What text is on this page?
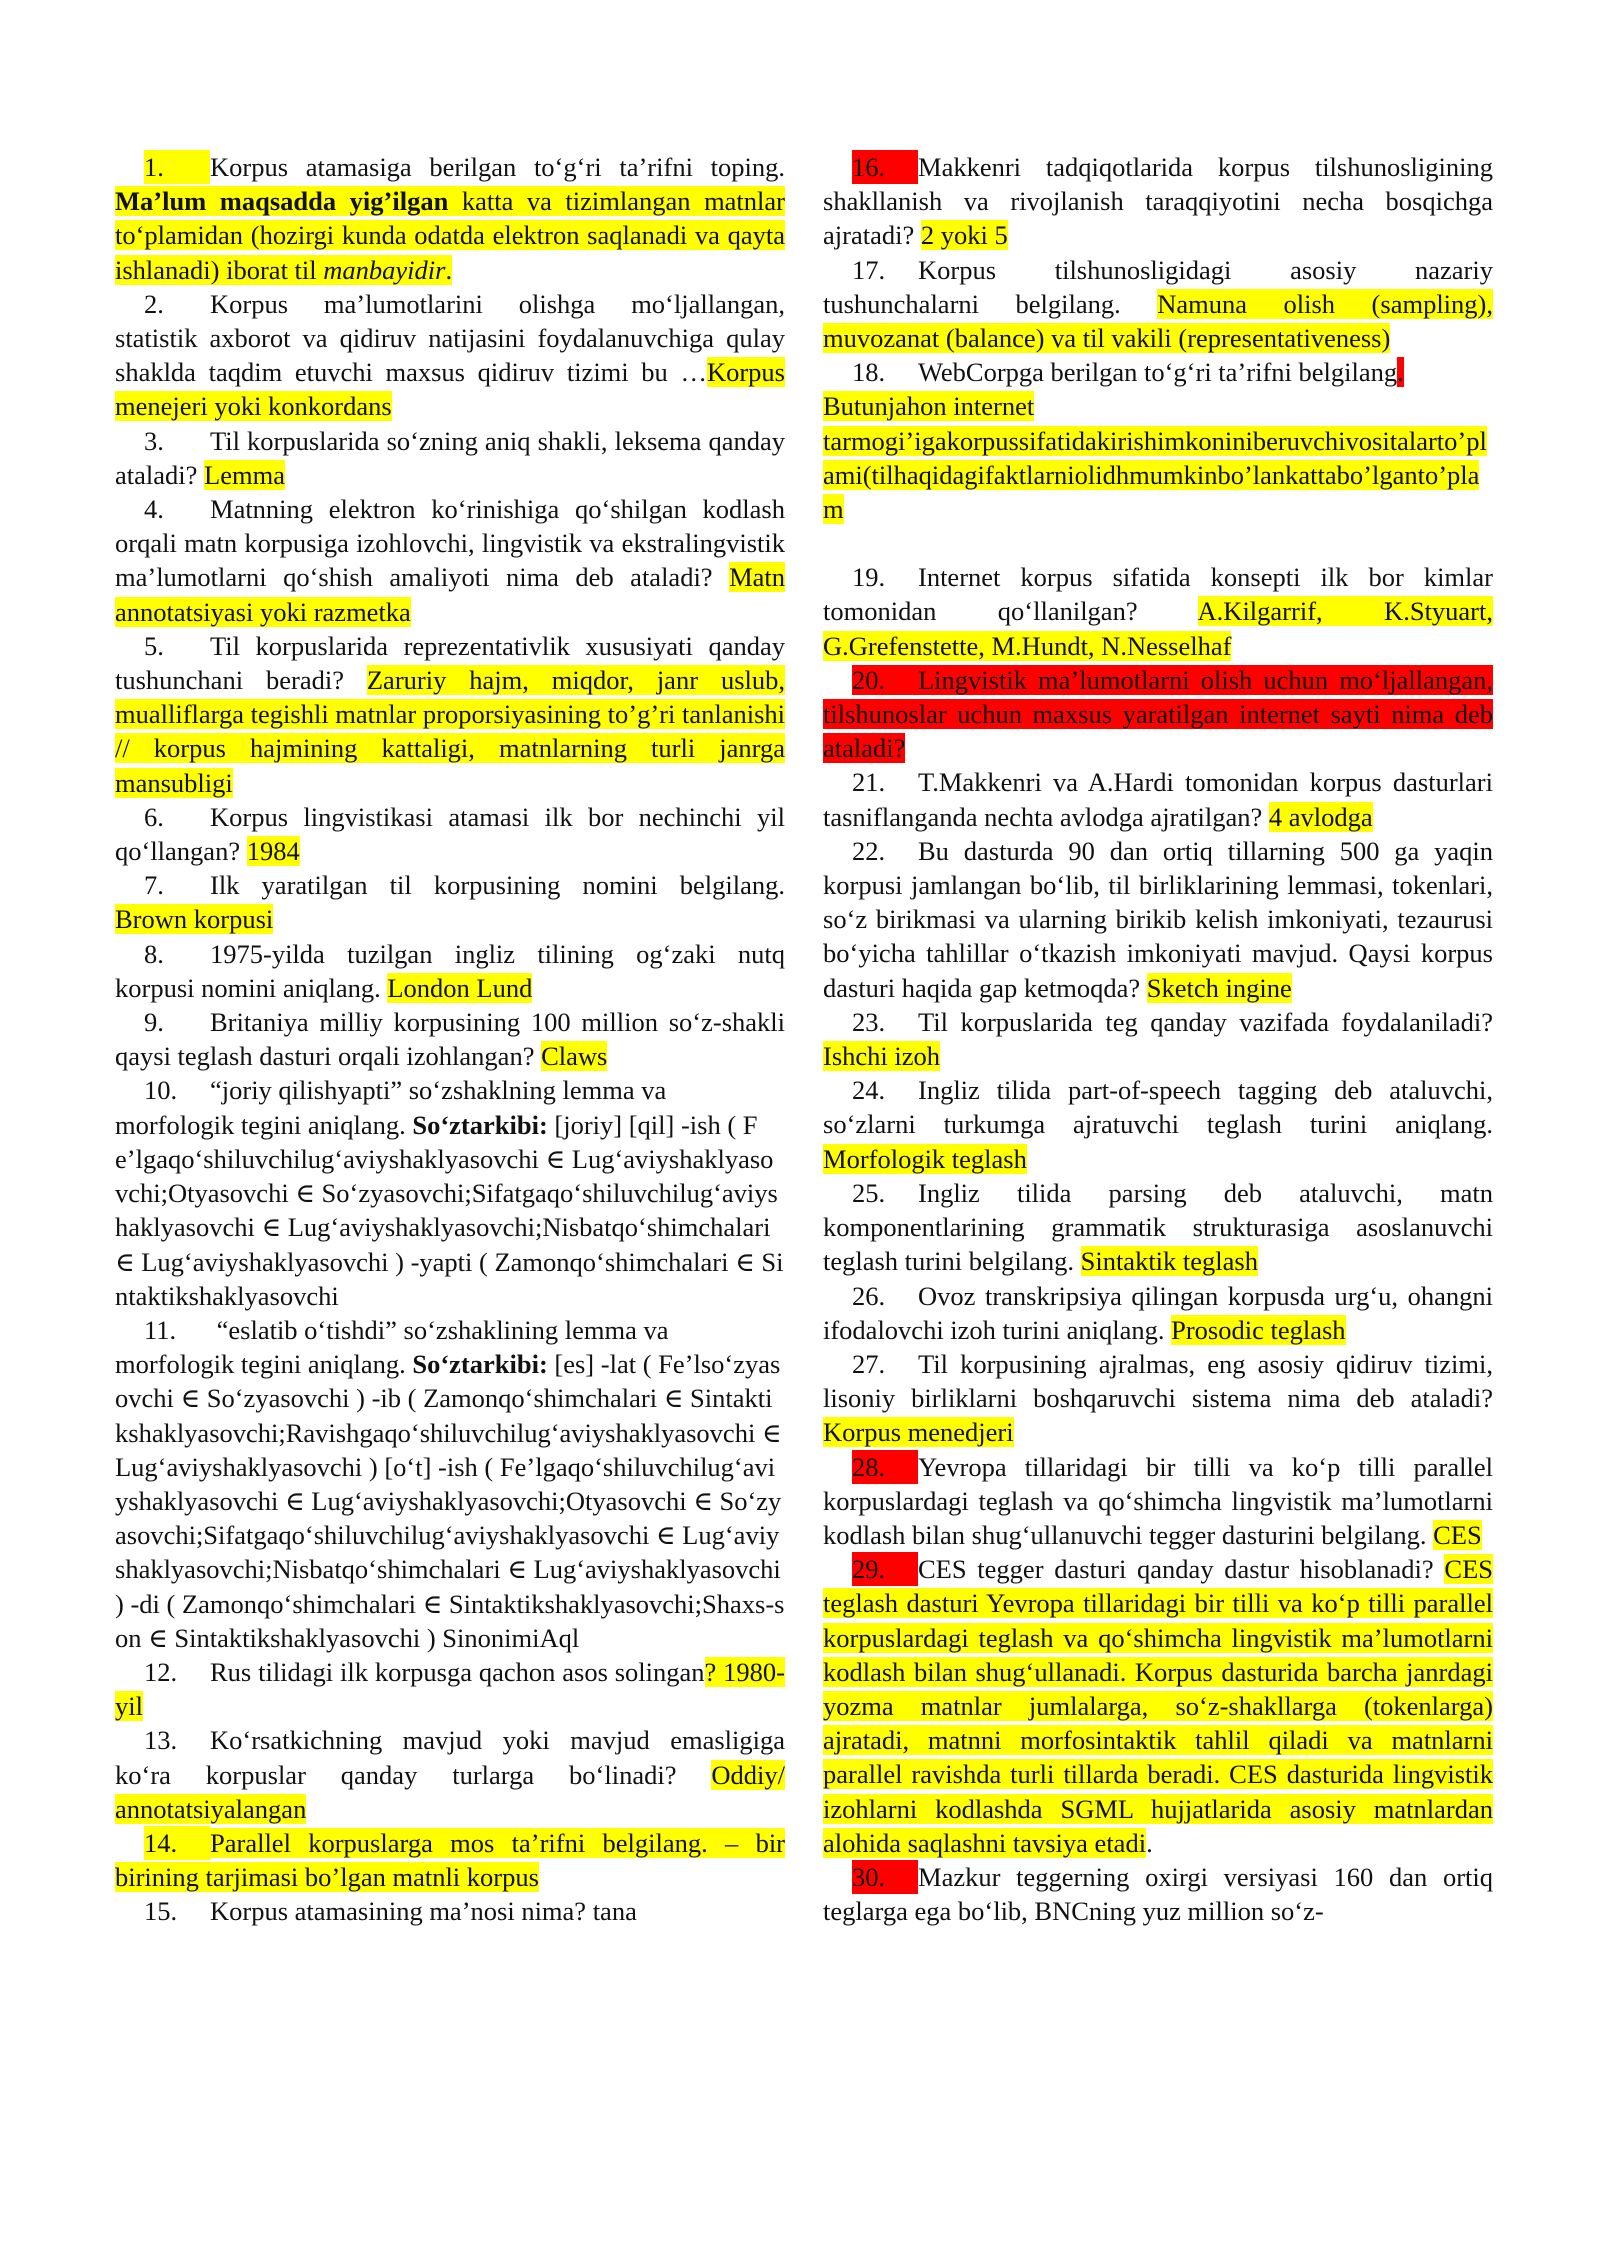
1. Korpus atamasiga berilgan to‘g‘ri ta’rifni toping. Ma’lum maqsadda yig’ilgan katta va tizimlangan matnlar to‘plamidan (hozirgi kunda odatda elektron saqlanadi va qayta ishlanadi) iborat til manbayidir.

2. Korpus ma’lumotlarini olishga mo‘ljallangan, statistik axborot va qidiruv natijasini foydalanuvchiga qulay shaklda taqdim etuvchi maxsus qidiruv tizimi bu …Korpus menejeri yoki konkordans

3. Til korpuslarida so‘zning aniq shakli, leksema qanday ataladi? Lemma

4. Matnning elektron ko‘rinishiga qo‘shilgan kodlash orqali matn korpusiga izohlovchi, lingvistik va ekstralingvistik ma’lumotlarni qo‘shish amaliyoti nima deb ataladi? Matn annotatsiyasi yoki razmetka

5. Til korpuslarida reprezentativlik xususiyati qanday tushunchani beradi? Zaruriy hajm, miqdor, janr uslub, mualliflarga tegishli matnlar proporsiyasining to’g’ri tanlanishi // korpus hajmining kattaligi, matnlarning turli janrga mansubligi

6. Korpus lingvistikasi atamasi ilk bor nechinchi yil qo‘llangan? 1984

7. Ilk yaratilgan til korpusining nomini belgilang. Brown korpusi

8. 1975-yilda tuzilgan ingliz tilining og‘zaki nutq korpusi nomini aniqlang. London Lund

9. Britaniya milliy korpusining 100 million so‘z-shakli qaysi teglash dasturi orqali izohlangan? Claws

10. “joriy qilishyapti” so‘zshaklning lemma va morfologik tegini aniqlang. So‘ztarkibi: [joriy] [qil] -ish ( Fe’lgaqo‘shiluvchilug‘aviyshaklyasovchi ∈ Lug‘aviyshaklyasovchi;Otyasovchi ∈ So‘zyasovchi;Sifatgaqo‘shiluvchilug‘aviyshaklyasovchi ∈ Lug‘aviyshaklyasovchi;Nisbatqo‘shimchalari ∈ Lug‘aviyshaklyasovchi ) -yapti ( Zamonqo‘shimchalari ∈ Sintaktikshaklyasovchi

11. “eslatib o‘tishdi” so‘zshaklining lemma va morfologik tegini aniqlang. So‘ztarkibi: [es] -lat ( Fe’lso‘zyasovchi ∈ So‘zyasovchi ) -ib ( Zamonqo‘shimchalari ∈ Sintaktikshaklyasovchi;Ravishgaqo‘shiluvchilug‘aviyshaklyasovchi ∈ Lug‘aviyshaklyasovchi ) [o‘t] -ish ( Fe’lgaqo‘shiluvchilug‘aviyshaklyasovchi ∈ Lug‘aviyshaklyasovchi;Otyasovchi ∈ So‘zyasovchi;Sifatgaqo‘shiluvchilug‘aviyshaklyasovchi ∈ Lug‘aviyshaklyasovchi;Nisbatqo‘shimchalari ∈ Lug‘aviyshaklyasovchi ) -di ( Zamonqo‘shimchalari ∈ Sintaktikshaklyasovchi;Shaxs-son ∈ Sintaktikshaklyasovchi ) SinonimiAql

12. Rus tilidagi ilk korpusga qachon asos solingan? 1980-yil

13. Ko‘rsatkichning mavjud yoki mavjud emasligiga ko‘ra korpuslar qanday turlarga bo‘linadi? Oddiy/ annotatsiyalangan

14. Parallel korpuslarga mos ta’rifni belgilang. – bir birining tarjimasi bo’lgan matnli korpus

15. Korpus atamasining ma’nosi nima? tana

16. Makkenri tadqiqotlarida korpus tilshunosligining shakllanish va rivojlanish taraqqiyotini necha bosqichga ajratadi? 2 yoki 5

17. Korpus tilshunosligidagi asosiy nazariy tushunchalarni belgilang. Namuna olish (sampling), muvozanat (balance) va til vakili (representativeness)

18. WebCorpga berilgan to‘g‘ri ta’rifni belgilang.
Butunjahon internet
tarmogi’igakorpussifatidakirishimkoniniberuvchivositalarto’plami(tilhaqidagifaktlarniolidhmumkinbo’lankattabo’lganto’plam

19. Internet korpus sifatida konsepti ilk bor kimlar tomonidan qo‘llanilgan? A.Kilgarrif, K.Styuart, G.Grefenstette, M.Hundt, N.Nesselhaf

20. Lingvistik ma’lumotlarni olish uchun mo‘ljallangan, tilshunoslar uchun maxsus yaratilgan internet sayti nima deb ataladi?

21. T.Makkenri va A.Hardi tomonidan korpus dasturlari tasniflanganda nechta avlodga ajratilgan? 4 avlodga

22. Bu dasturda 90 dan ortiq tillarning 500 ga yaqin korpusi jamlangan bo‘lib, til birliklarining lemmasi, tokenlari, so‘z birikmasi va ularning birikib kelish imkoniyati, tezaurusi bo‘yicha tahlillar o‘tkazish imkoniyati mavjud. Qaysi korpus dasturi haqida gap ketmoqda? Sketch ingine

23. Til korpuslarida teg qanday vazifada foydalaniladi? Ishchi izoh

24. Ingliz tilida part-of-speech tagging deb ataluvchi, so‘zlarni turkumga ajratuvchi teglash turini aniqlang. Morfologik teglash

25. Ingliz tilida parsing deb ataluvchi, matn komponentlarining grammatik strukturasiga asoslanuvchi teglash turini belgilang. Sintaktik teglash

26. Ovoz transkripsiya qilingan korpusda urg‘u, ohangni ifodalovchi izoh turini aniqlang. Prosodic teglash

27. Til korpusining ajralmas, eng asosiy qidiruv tizimi, lisoniy birliklarni boshqaruvchi sistema nima deb ataladi? Korpus menedjeri

28. Yevropa tillaridagi bir tilli va ko‘p tilli parallel korpuslardagi teglash va qo‘shimcha lingvistik ma’lumotlarni kodlash bilan shug‘ullanuvchi tegger dasturini belgilang. CES

29. CES tegger dasturi qanday dastur hisoblanadi? CES teglash dasturi Yevropa tillaridagi bir tilli va ko‘p tilli parallel korpuslardagi teglash va qo‘shimcha lingvistik ma’lumotlarni kodlash bilan shug‘ullanadi. Korpus dasturida barcha janrdagi yozma matnlar jumlalarga, so‘z-shakllarga (tokenlarga) ajratadi, matnni morfosintaktik tahlil qiladi va matnlarni parallel ravishda turli tillarda beradi. CES dasturida lingvistik izohlarni kodlashda SGML hujjatlarida asosiy matnlardan alohida saqlashni tavsiya etadi.

30. Mazkur teggerning oxirgi versiyasi 160 dan ortiq teglarga ega bo‘lib, BNCning yuz million so‘z-
